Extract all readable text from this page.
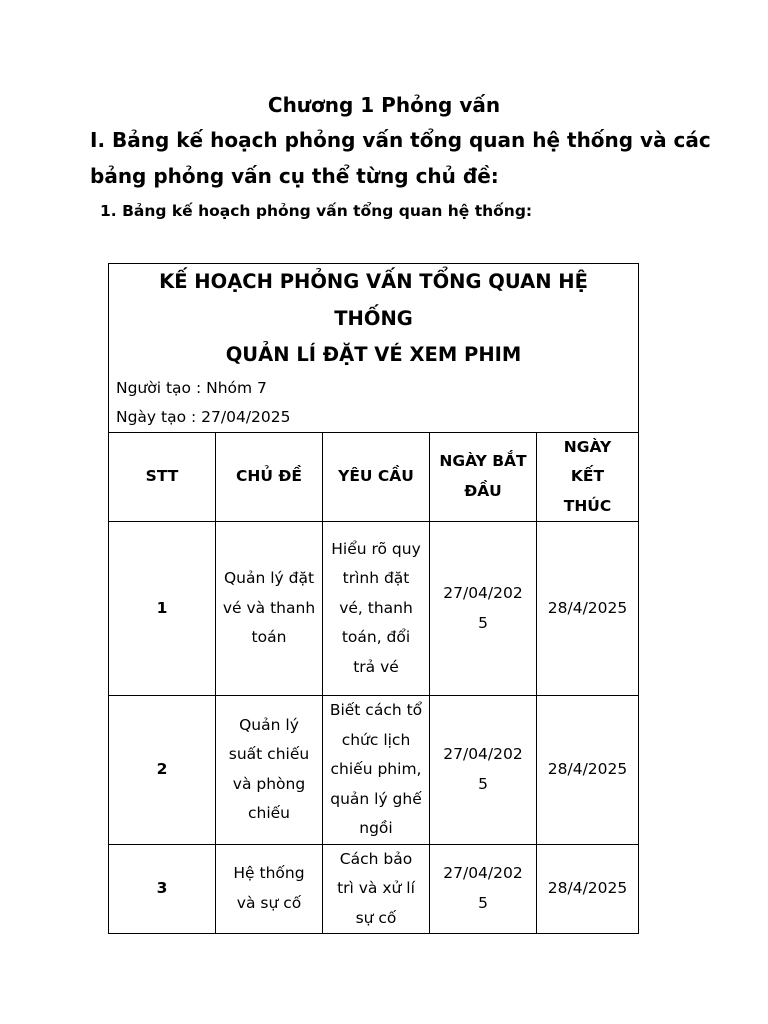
Chương 1 Phỏng vấn
I. Bảng kế hoạch phỏng vấn tổng quan hệ thống và các bảng phỏng vấn cụ thể từng chủ đề:
1. Bảng kế hoạch phỏng vấn tổng quan hệ thống:
KẾ HOẠCH PHỎNG VẤN TỔNG QUAN HỆ THỐNG
QUẢN LÍ ĐẶT VÉ XEM PHIM
Người tạo : Nhóm 7
Ngày tạo : 27/04/2025				

STT	CHỦ ĐỀ	YÊU CẦU	NGÀY BẮT ĐẦU	NGÀY KẾT THÚC

1	Quản lý đặt vé và thanh toán	Hiểu rõ quy trình đặt vé, thanh toán, đổi trả vé	27/04/2025	28/4/2025
2	Quản lý suất chiếu và phòng chiếu	Biết cách tổ chức lịch chiếu phim, quản lý ghế ngồi	27/04/2025	28/4/2025
3	Hệ thống và sự cố	Cách bảo trì và xử lí sự cố	27/04/2025	28/4/2025
